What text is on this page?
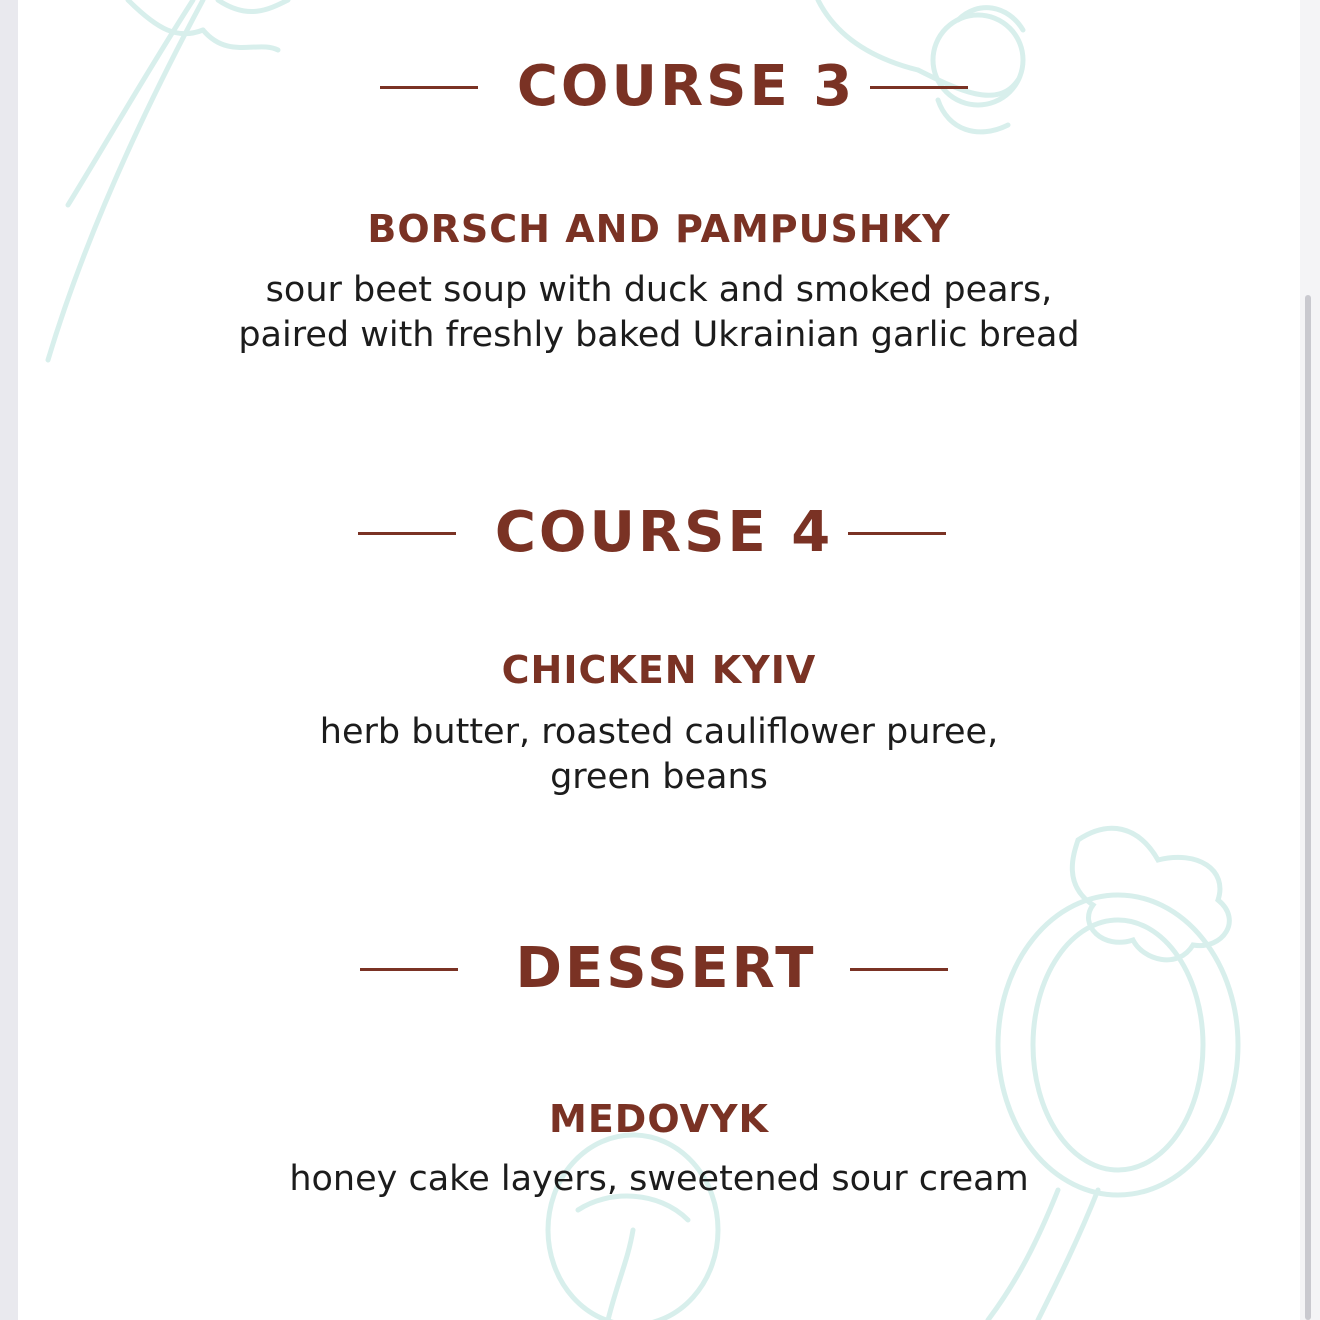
COURSE 3
BORSCH AND PAMPUSHKY
sour beet soup with duck and smoked pears,
paired with freshly baked Ukrainian garlic bread
COURSE 4
CHICKEN KYIV
herb butter, roasted cauliflower puree,
green beans
DESSERT
MEDOVYK
honey cake layers, sweetened sour cream
